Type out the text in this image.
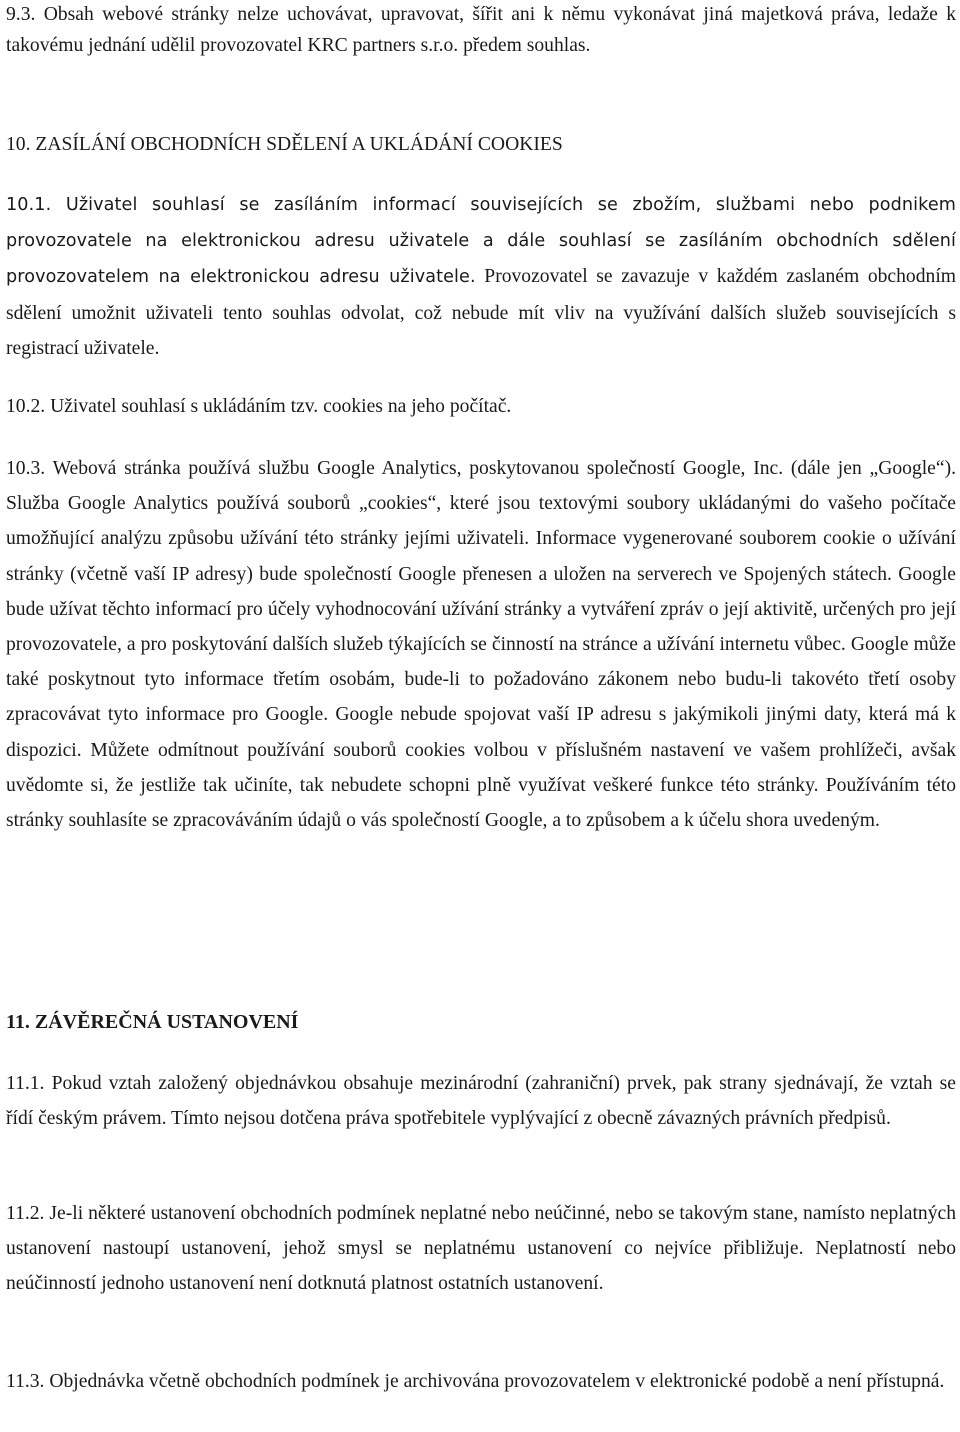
9.3. Obsah webové stránky nelze uchovávat, upravovat, šířit ani k němu vykonávat jiná majetková práva, ledaže k takovému jednání udělil provozovatel KRC partners s.r.o. předem souhlas.

10. ZASÍLÁNÍ OBCHODNÍCH SDĚLENÍ A UKLÁDÁNÍ COOKIES

10.1. Uživatel souhlasí se zasíláním informací souvisejících se zbožím, službami nebo podnikem provozovatele na elektronickou adresu uživatele a dále souhlasí se zasíláním obchodních sdělení provozovatelem na elektronickou adresu uživatele. Provozovatel se zavazuje v každém zaslaném obchodním sdělení umožnit uživateli tento souhlas odvolat, což nebude mít vliv na využívání dalších služeb souvisejících s registrací uživatele.

10.2. Uživatel souhlasí s ukládáním tzv. cookies na jeho počítač.

10.3. Webová stránka používá službu Google Analytics, poskytovanou společností Google, Inc. (dále jen „Google“). Služba Google Analytics používá souborů „cookies“, které jsou textovými soubory ukládanými do vašeho počítače umožňující analýzu způsobu užívání této stránky jejími uživateli. Informace vygenerované souborem cookie o užívání stránky (včetně vaší IP adresy) bude společností Google přenesen a uložen na serverech ve Spojených státech. Google bude užívat těchto informací pro účely vyhodnocování užívání stránky a vytváření zpráv o její aktivitě, určených pro její provozovatele, a pro poskytování dalších služeb týkajících se činností na stránce a užívání internetu vůbec. Google může také poskytnout tyto informace třetím osobám, bude-li to požadováno zákonem nebo budu-li takovéto třetí osoby zpracovávat tyto informace pro Google. Google nebude spojovat vaší IP adresu s jakýmikoli jinými daty, která má k dispozici. Můžete odmítnout používání souborů cookies volbou v příslušném nastavení ve vašem prohlížeči, avšak uvědomte si, že jestliže tak učiníte, tak nebudete schopni plně využívat veškeré funkce této stránky. Používáním této stránky souhlasíte se zpracováváním údajů o vás společností Google, a to způsobem a k účelu shora uvedeným.

11. ZÁVĚREČNÁ USTANOVENÍ

11.1. Pokud vztah založený objednávkou obsahuje mezinárodní (zahraniční) prvek, pak strany sjednávají, že vztah se řídí českým právem. Tímto nejsou dotčena práva spotřebitele vyplývající z obecně závazných právních předpisů.

11.2. Je-li některé ustanovení obchodních podmínek neplatné nebo neúčinné, nebo se takovým stane, namísto neplatných ustanovení nastoupí ustanovení, jehož smysl se neplatnému ustanovení co nejvíce přibližuje. Neplatností nebo neúčinností jednoho ustanovení není dotknutá platnost ostatních ustanovení.

11.3. Objednávka včetně obchodních podmínek je archivována provozovatelem v elektronické podobě a není přístupná.
